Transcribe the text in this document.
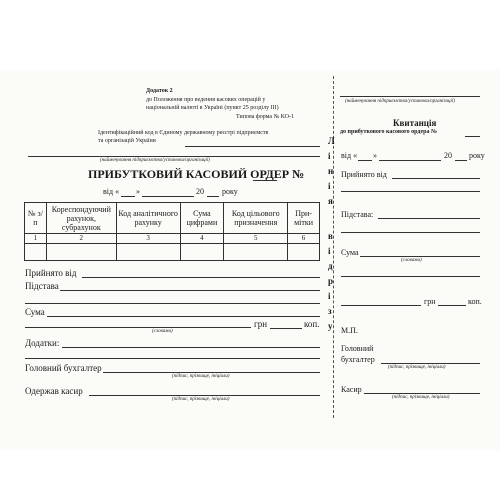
Додаток 2
до Положення про ведення касових операцій у
національній валюті в Україні (пункт 25 розділу ІІІ)
Типова форма № КО-1
Ідентифікаційний код в Єдиному державному реєстрі підприємств
та організацій України
(найменування підприємства/установи/організації)
ПРИБУТКОВИЙ КАСОВИЙ ОРДЕР №
від « »	20 року
№ з/п	Кореспондуючий рахунок, субрахунок	Код аналітичного рахунку	Сума цифрами	Код цільового призначення	При-мітки
1	2	3	4	5	6

Прийнято від
Підстава
Сума
грн	коп.
(словами)
Додатки:
Головний бухгалтер
(підпис, прізвище, ініціали)
Одержав касир
(підпис, прізвище, ініціали)
Л
і
н
і
я
в
і
д
р
і
з
у
(найменування підприємства/установи/організації)
Квитанція
до прибуткового касового ордера №
від « »	20 року
Прийнято від
Підстава:
Сума
(словами)
грн	коп.
М.П.
Головний
бухгалтер
(підпис, прізвище, ініціали)
Касир
(підпис, прізвище, ініціали)
